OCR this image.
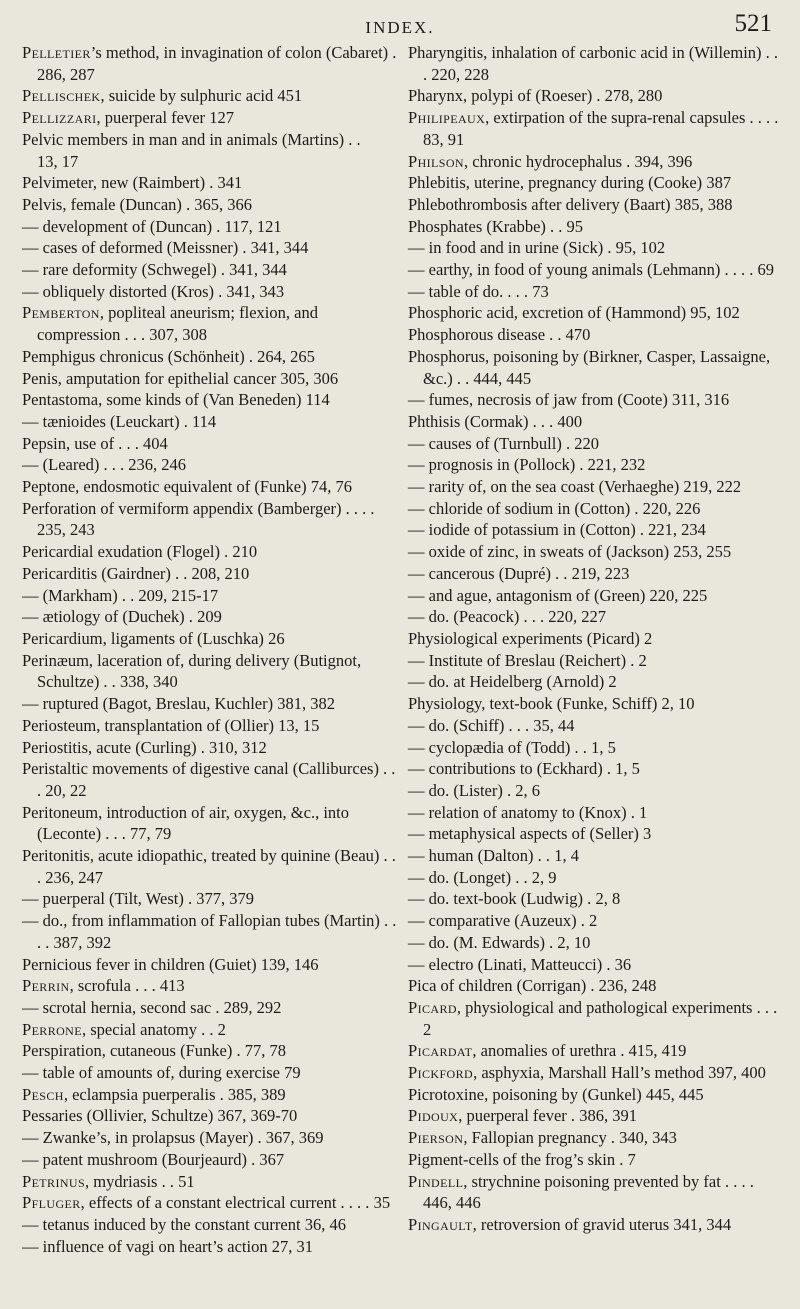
INDEX.	521
Pelletier’s method, in invagination of colon (Cabaret) . 286, 287
Pellischek, suicide by sulphuric acid 451
Pellizzari, puerperal fever 127
Pelvic members in man and in animals (Martins) . . 13, 17
Pelvimeter, new (Raimbert) . 341
Pelvis, female (Duncan) . 365, 366
— development of (Duncan) . 117, 121
— cases of deformed (Meissner) . 341, 344
— rare deformity (Schwegel) . 341, 344
— obliquely distorted (Kros) . 341, 343
Pemberton, popliteal aneurism; flexion, and compression . . . 307, 308
Pemphigus chronicus (Schönheit) . 264, 265
Penis, amputation for epithelial cancer 305, 306
Pentastoma, some kinds of (Van Beneden) 114
— tænioides (Leuckart) . 114
Pepsin, use of . . . 404
— (Leared) . . . 236, 246
Peptone, endosmotic equivalent of (Funke) 74, 76
Perforation of vermiform appendix (Bamberger) . . . . 235, 243
Pericardial exudation (Flogel) . 210
Pericarditis (Gairdner) . . 208, 210
— (Markham) . . 209, 215-17
— ætiology of (Duchek) . 209
Pericardium, ligaments of (Luschka) 26
Perinæum, laceration of, during delivery (Butignot, Schultze) . . 338, 340
— ruptured (Bagot, Breslau, Kuchler) 381, 382
Periosteum, transplantation of (Ollier) 13, 15
Periostitis, acute (Curling) . 310, 312
Peristaltic movements of digestive canal (Calliburces) . . . 20, 22
Peritoneum, introduction of air, oxygen, &c., into (Leconte) . . . 77, 79
Peritonitis, acute idiopathic, treated by quinine (Beau) . . . 236, 247
— puerperal (Tilt, West) . 377, 379
— do., from inflammation of Fallopian tubes (Martin) . . . . 387, 392
Pernicious fever in children (Guiet) 139, 146
Perrin, scrofula . . . 413
— scrotal hernia, second sac . 289, 292
Perrone, special anatomy . . 2
Perspiration, cutaneous (Funke) . 77, 78
— table of amounts of, during exercise 79
Pesch, eclampsia puerperalis . 385, 389
Pessaries (Ollivier, Schultze) 367, 369-70
— Zwanke’s, in prolapsus (Mayer) . 367, 369
— patent mushroom (Bourjeaurd) . 367
Petrinus, mydriasis . . 51
Pfluger, effects of a constant electrical current . . . . 35
— tetanus induced by the constant current 36, 46
— influence of vagi on heart’s action 27, 31
Pharyngitis, inhalation of carbonic acid in (Willemin) . . . 220, 228
Pharynx, polypi of (Roeser) . 278, 280
Philipeaux, extirpation of the supra-renal capsules . . . . 83, 91
Philson, chronic hydrocephalus . 394, 396
Phlebitis, uterine, pregnancy during (Cooke) 387
Phlebothrombosis after delivery (Baart) 385, 388
Phosphates (Krabbe) . . 95
— in food and in urine (Sick) . 95, 102
— earthy, in food of young animals (Lehmann) . . . . 69
— table of do. . . . 73
Phosphoric acid, excretion of (Hammond) 95, 102
Phosphorous disease . . 470
Phosphorus, poisoning by (Birkner, Casper, Lassaigne, &c.) . . 444, 445
— fumes, necrosis of jaw from (Coote) 311, 316
Phthisis (Cormak) . . . 400
— causes of (Turnbull) . 220
— prognosis in (Pollock) . 221, 232
— rarity of, on the sea coast (Verhaeghe) 219, 222
— chloride of sodium in (Cotton) . 220, 226
— iodide of potassium in (Cotton) . 221, 234
— oxide of zinc, in sweats of (Jackson) 253, 255
— cancerous (Dupré) . . 219, 223
— and ague, antagonism of (Green) 220, 225
— do. (Peacock) . . . 220, 227
Physiological experiments (Picard) 2
— Institute of Breslau (Reichert) . 2
— do. at Heidelberg (Arnold) 2
Physiology, text-book (Funke, Schiff) 2, 10
— do. (Schiff) . . . 35, 44
— cyclopædia of (Todd) . . 1, 5
— contributions to (Eckhard) . 1, 5
— do. (Lister) . 2, 6
— relation of anatomy to (Knox) . 1
— metaphysical aspects of (Seller) 3
— human (Dalton) . . 1, 4
— do. (Longet) . . 2, 9
— do. text-book (Ludwig) . 2, 8
— comparative (Auzeux) . 2
— do. (M. Edwards) . 2, 10
— electro (Linati, Matteucci) . 36
Pica of children (Corrigan) . 236, 248
Picard, physiological and pathological experiments . . . 2
Picardat, anomalies of urethra . 415, 419
Pickford, asphyxia, Marshall Hall’s method 397, 400
Picrotoxine, poisoning by (Gunkel) 445, 445
Pidoux, puerperal fever . 386, 391
Pierson, Fallopian pregnancy . 340, 343
Pigment-cells of the frog’s skin . 7
Pindell, strychnine poisoning prevented by fat . . . . 446, 446
Pingault, retroversion of gravid uterus 341, 344
